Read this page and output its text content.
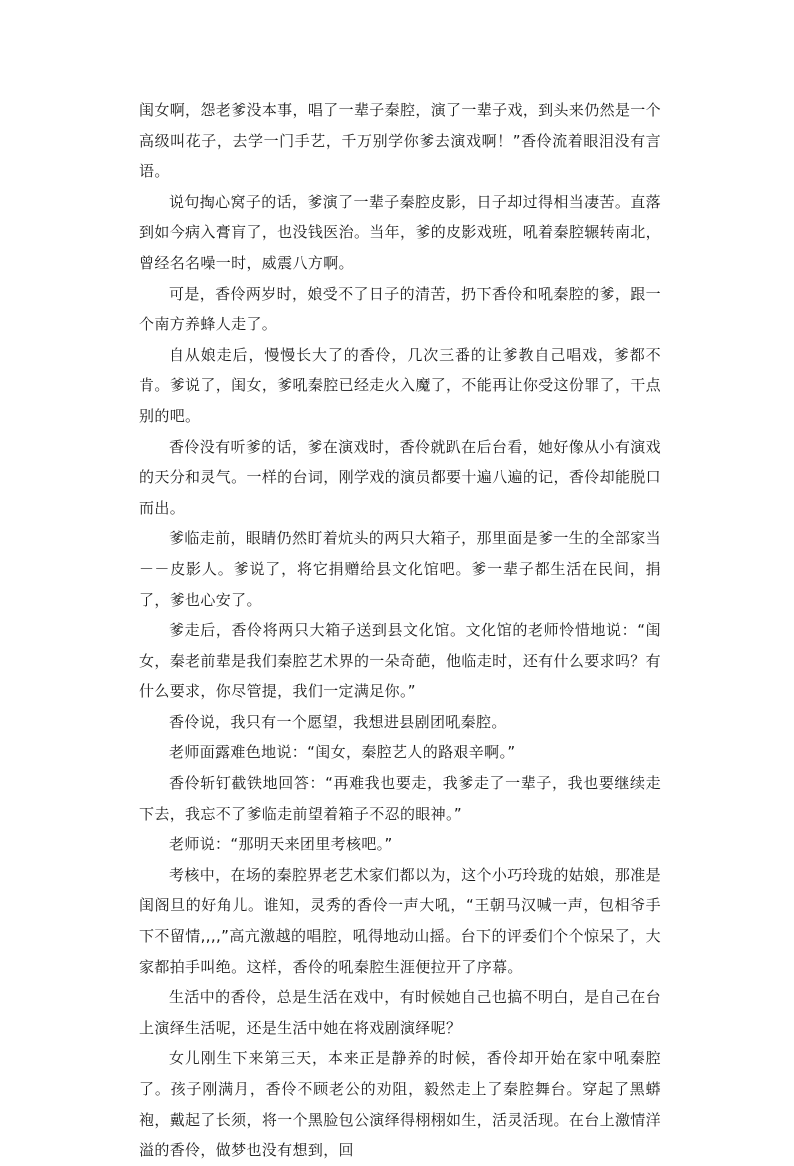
闺女啊，怨老爹没本事，唱了一辈子秦腔，演了一辈子戏，到头来仍然是一个高级叫花子，去学一门手艺，千万别学你爹去演戏啊！”香伶流着眼泪没有言语。

说句掏心窝子的话，爹演了一辈子秦腔皮影，日子却过得相当凄苦。直落到如今病入膏肓了，也没钱医治。当年，爹的皮影戏班，吼着秦腔辗转南北，曾经名名噪一时，威震八方啊。

可是，香伶两岁时，娘受不了日子的清苦，扔下香伶和吼秦腔的爹，跟一个南方养蜂人走了。

自从娘走后，慢慢长大了的香伶，几次三番的让爹教自己唱戏，爹都不肯。爹说了，闺女，爹吼秦腔已经走火入魔了，不能再让你受这份罪了，干点别的吧。

香伶没有听爹的话，爹在演戏时，香伶就趴在后台看，她好像从小有演戏的天分和灵气。一样的台词，刚学戏的演员都要十遍八遍的记，香伶却能脱口而出。

爹临走前，眼睛仍然盯着炕头的两只大箱子，那里面是爹一生的全部家当－－皮影人。爹说了，将它捐赠给县文化馆吧。爹一辈子都生活在民间，捐了，爹也心安了。

爹走后，香伶将两只大箱子送到县文化馆。文化馆的老师怜惜地说：“闺女，秦老前辈是我们秦腔艺术界的一朵奇葩，他临走时，还有什么要求吗？有什么要求，你尽管提，我们一定满足你。”

香伶说，我只有一个愿望，我想进县剧团吼秦腔。

老师面露难色地说：“闺女，秦腔艺人的路艰辛啊。”

香伶斩钉截铁地回答：“再难我也要走，我爹走了一辈子，我也要继续走下去，我忘不了爹临走前望着箱子不忍的眼神。”

老师说：“那明天来团里考核吧。”

考核中，在场的秦腔界老艺术家们都以为，这个小巧玲珑的姑娘，那准是闺阁旦的好角儿。谁知，灵秀的香伶一声大吼，“王朝马汉喊一声，包相爷手下不留情,,,,”高亢激越的唱腔，吼得地动山摇。台下的评委们个个惊呆了，大家都拍手叫绝。这样，香伶的吼秦腔生涯便拉开了序幕。

生活中的香伶，总是生活在戏中，有时候她自己也搞不明白，是自己在台上演绎生活呢，还是生活中她在将戏剧演绎呢？

女儿刚生下来第三天，本来正是静养的时候，香伶却开始在家中吼秦腔了。孩子刚满月，香伶不顾老公的劝阻，毅然走上了秦腔舞台。穿起了黑蟒袍，戴起了长须，将一个黑脸包公演绎得栩栩如生，活灵活现。在台上激情洋溢的香伶，做梦也没有想到，回
